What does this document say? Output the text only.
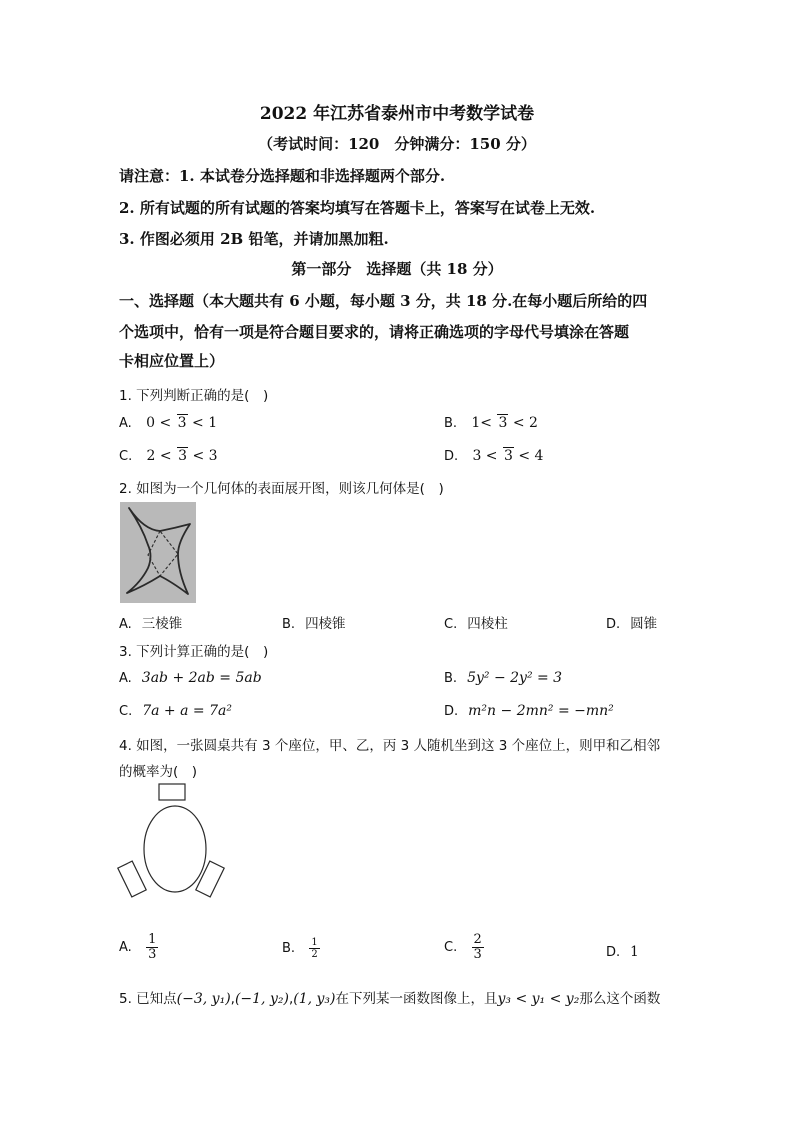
2022 年江苏省泰州市中考数学试卷
（考试时间：120　分钟满分：150 分）
请注意：1. 本试卷分选择题和非选择题两个部分.
2. 所有试题的所有试题的答案均填写在答题卡上，答案写在试卷上无效.
3. 作图必须用 2B 铅笔，并请加黑加粗.
第一部分　选择题（共 18 分）
一、选择题（本大题共有 6 小题，每小题 3 分，共 18 分.在每小题后所给的四
个选项中，恰有一项是符合题目要求的，请将正确选项的字母代号填涂在答题
卡相应位置上）
1. 下列判断正确的是(　)
A. 0 < 3 < 1	B. 1< 3 < 2
C. 2 < 3 < 3	D. 3 < 3 < 4
2. 如图为一个几何体的表面展开图，则该几何体是(　)
A. 三棱锥	B. 四棱锥	C. 四棱柱	D. 圆锥
3. 下列计算正确的是(　)
A. 3ab + 2ab = 5ab	B. 5y² − 2y² = 3
C. 7a + a = 7a²	D. m²n − 2mn² = −mn²
4. 如图，一张圆桌共有 3 个座位，甲、乙，丙 3 人随机坐到这 3 个座位上，则甲和乙相邻
的概率为(　)
A. $\frac{1}{3}$	B. $\frac{1}{2}$	C. $\frac{2}{3}$	D. 1
5. 已知点(−3, y₁),(−1, y₂),(1, y₃)在下列某一函数图像上，且y₃ < y₁ < y₂那么这个函数
